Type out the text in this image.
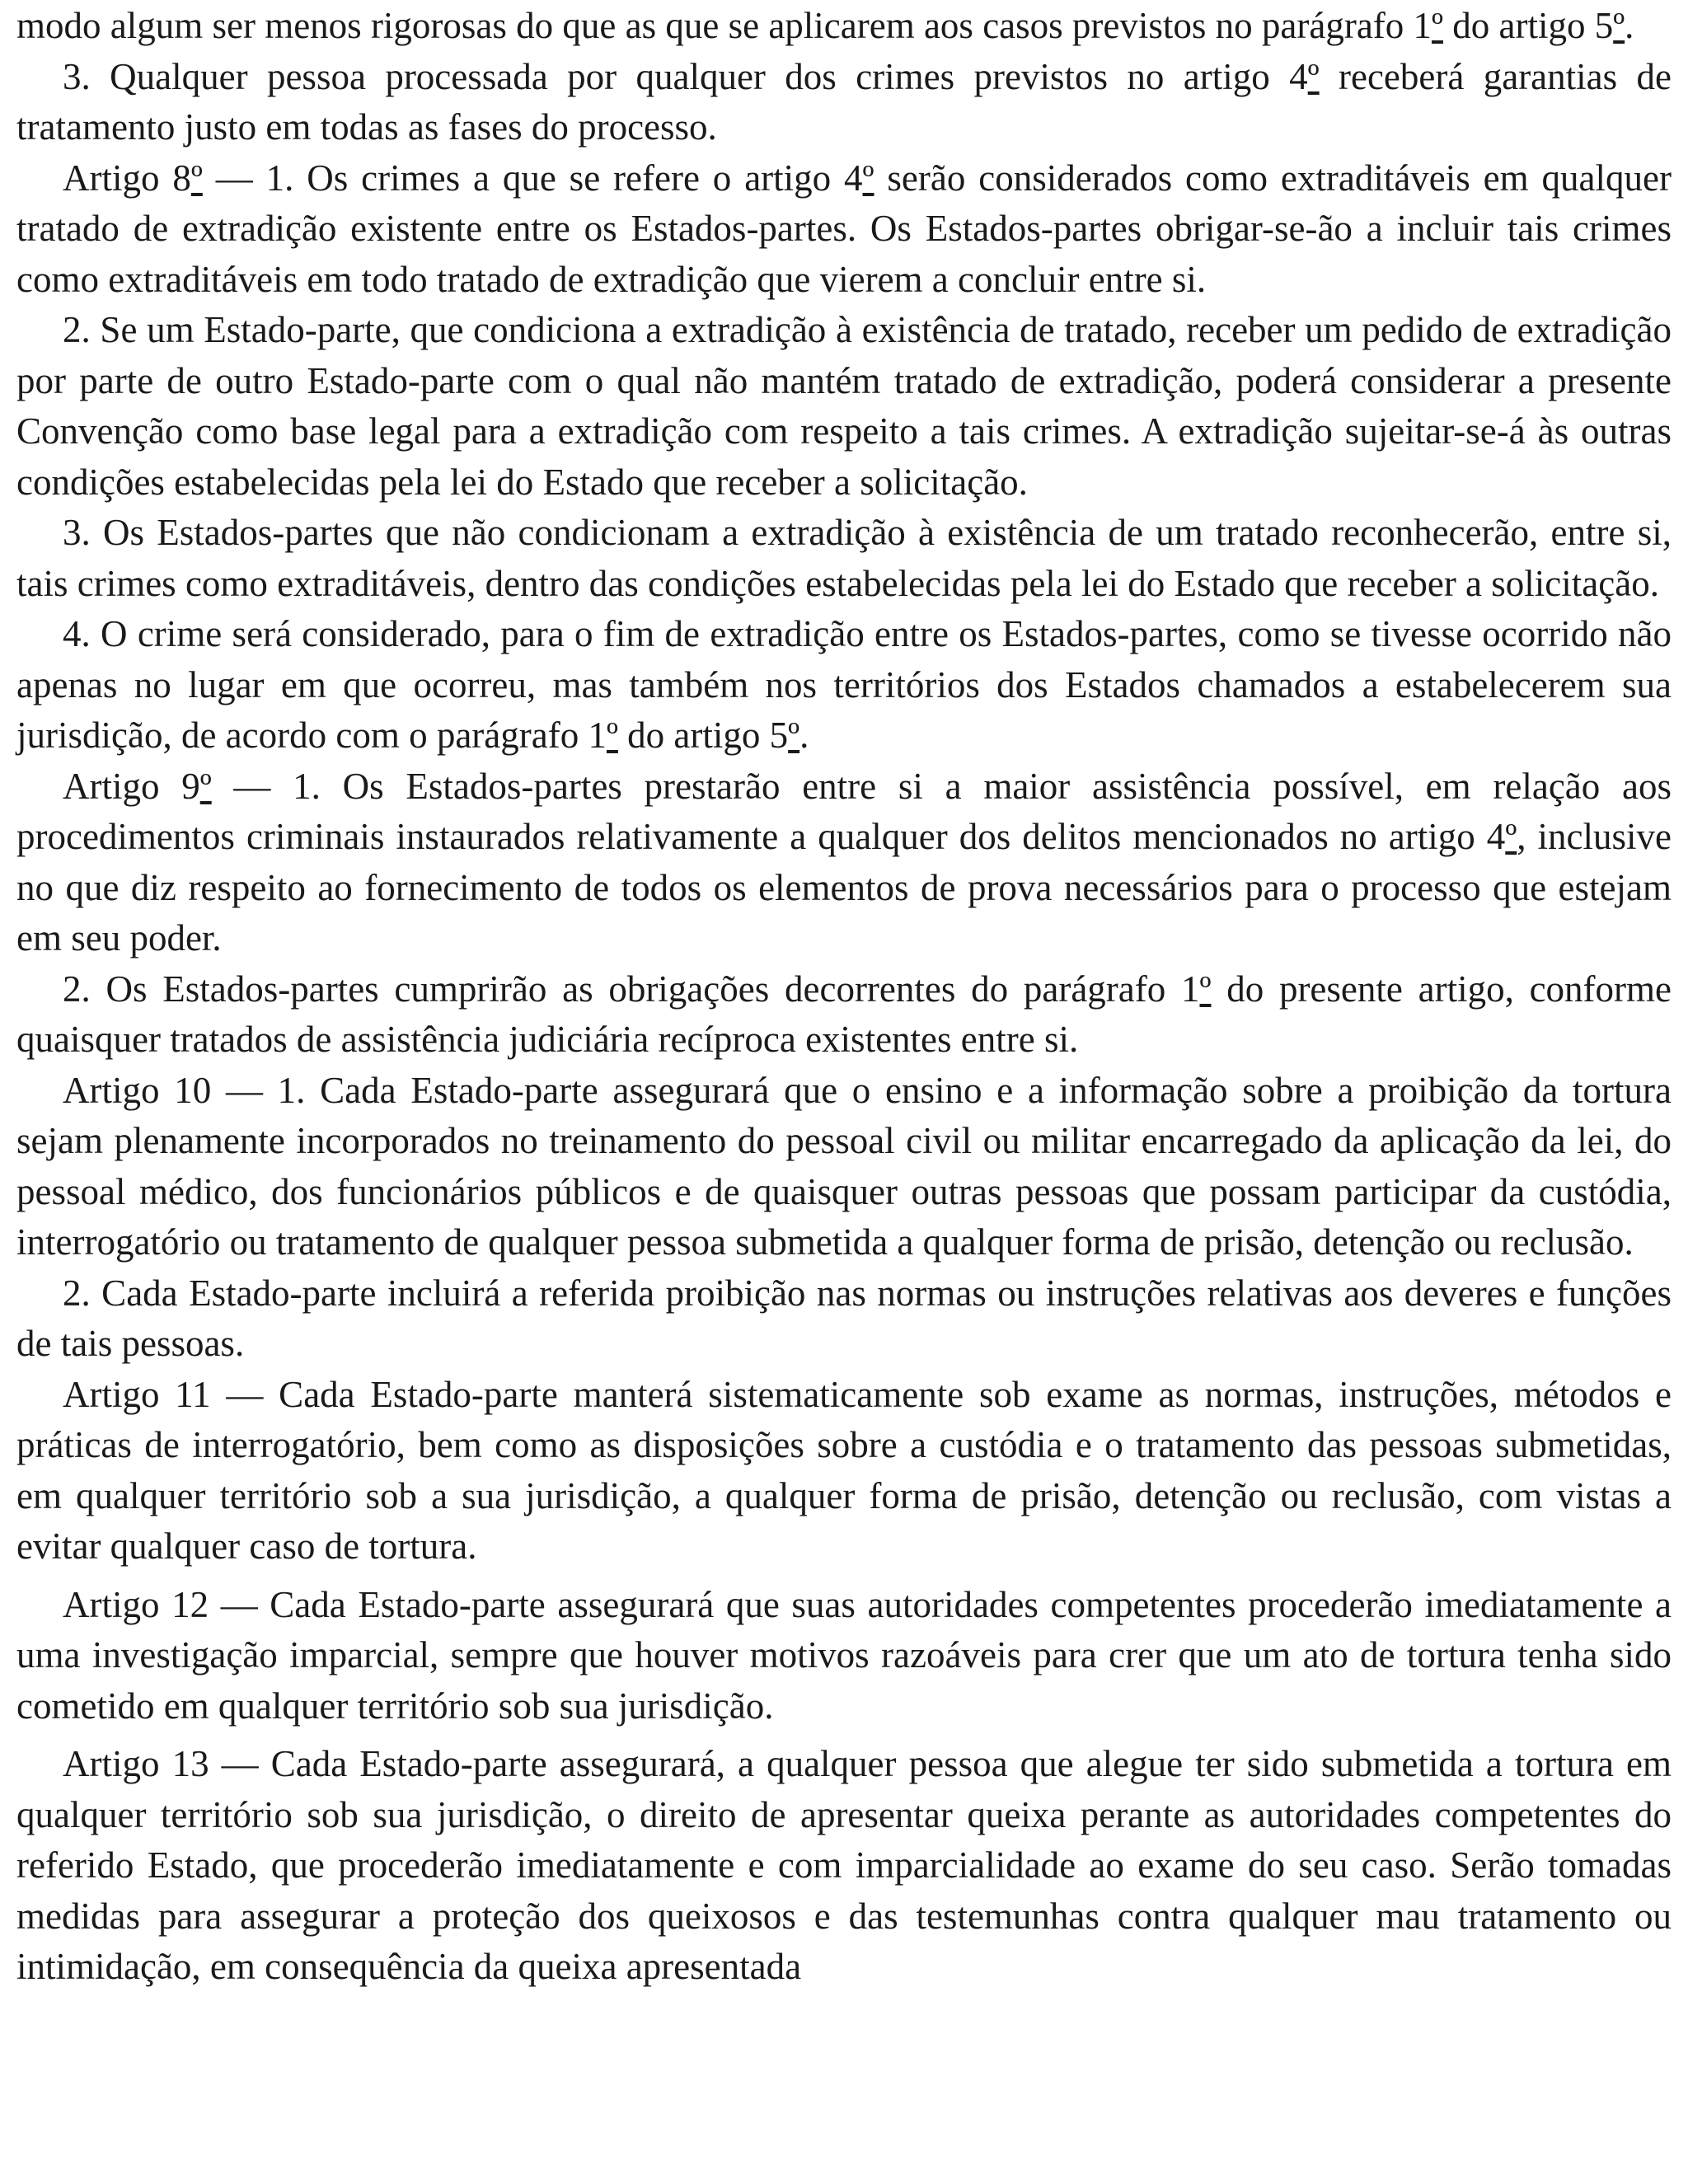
modo algum ser menos rigorosas do que as que se aplicarem aos casos previstos no parágrafo 1º do artigo 5º.

3. Qualquer pessoa processada por qualquer dos crimes previstos no artigo 4º receberá garantias de tratamento justo em todas as fases do processo.

Artigo 8º — 1. Os crimes a que se refere o artigo 4º serão considerados como extraditáveis em qualquer tratado de extradição existente entre os Estados-partes. Os Estados-partes obrigar-se-ão a incluir tais crimes como extraditáveis em todo tratado de extradição que vierem a concluir entre si.

2. Se um Estado-parte, que condiciona a extradição à existência de tratado, receber um pedido de extradição por parte de outro Estado-parte com o qual não mantém tratado de extradição, poderá considerar a presente Convenção como base legal para a extradição com respeito a tais crimes. A extradição sujeitar-se-á às outras condições estabelecidas pela lei do Estado que receber a solicitação.

3. Os Estados-partes que não condicionam a extradição à existência de um tratado reconhecerão, entre si, tais crimes como extraditáveis, dentro das condições estabelecidas pela lei do Estado que receber a solicitação.

4. O crime será considerado, para o fim de extradição entre os Estados-partes, como se tivesse ocorrido não apenas no lugar em que ocorreu, mas também nos territórios dos Estados chamados a estabelecerem sua jurisdição, de acordo com o parágrafo 1º do artigo 5º.

Artigo 9º — 1. Os Estados-partes prestarão entre si a maior assistência possível, em relação aos procedimentos criminais instaurados relativamente a qualquer dos delitos mencionados no artigo 4º, inclusive no que diz respeito ao fornecimento de todos os elementos de prova necessários para o processo que estejam em seu poder.

2. Os Estados-partes cumprirão as obrigações decorrentes do parágrafo 1º do presente artigo, conforme quaisquer tratados de assistência judiciária recíproca existentes entre si.

Artigo 10 — 1. Cada Estado-parte assegurará que o ensino e a informação sobre a proibição da tortura sejam plenamente incorporados no treinamento do pessoal civil ou militar encarregado da aplicação da lei, do pessoal médico, dos funcionários públicos e de quaisquer outras pessoas que possam participar da custódia, interrogatório ou tratamento de qualquer pessoa submetida a qualquer forma de prisão, detenção ou reclusão.

2. Cada Estado-parte incluirá a referida proibição nas normas ou instruções relativas aos deveres e funções de tais pessoas.

Artigo 11 — Cada Estado-parte manterá sistematicamente sob exame as normas, instruções, métodos e práticas de interrogatório, bem como as disposições sobre a custódia e o tratamento das pessoas submetidas, em qualquer território sob a sua jurisdição, a qualquer forma de prisão, detenção ou reclusão, com vistas a evitar qualquer caso de tortura.

Artigo 12 — Cada Estado-parte assegurará que suas autoridades competentes procederão imediatamente a uma investigação imparcial, sempre que houver motivos razoáveis para crer que um ato de tortura tenha sido cometido em qualquer território sob sua jurisdição.

Artigo 13 — Cada Estado-parte assegurará, a qualquer pessoa que alegue ter sido submetida a tortura em qualquer território sob sua jurisdição, o direito de apresentar queixa perante as autoridades competentes do referido Estado, que procederão imediatamente e com imparcialidade ao exame do seu caso. Serão tomadas medidas para assegurar a proteção dos queixosos e das testemunhas contra qualquer mau tratamento ou intimidação, em consequência da queixa apresentada
